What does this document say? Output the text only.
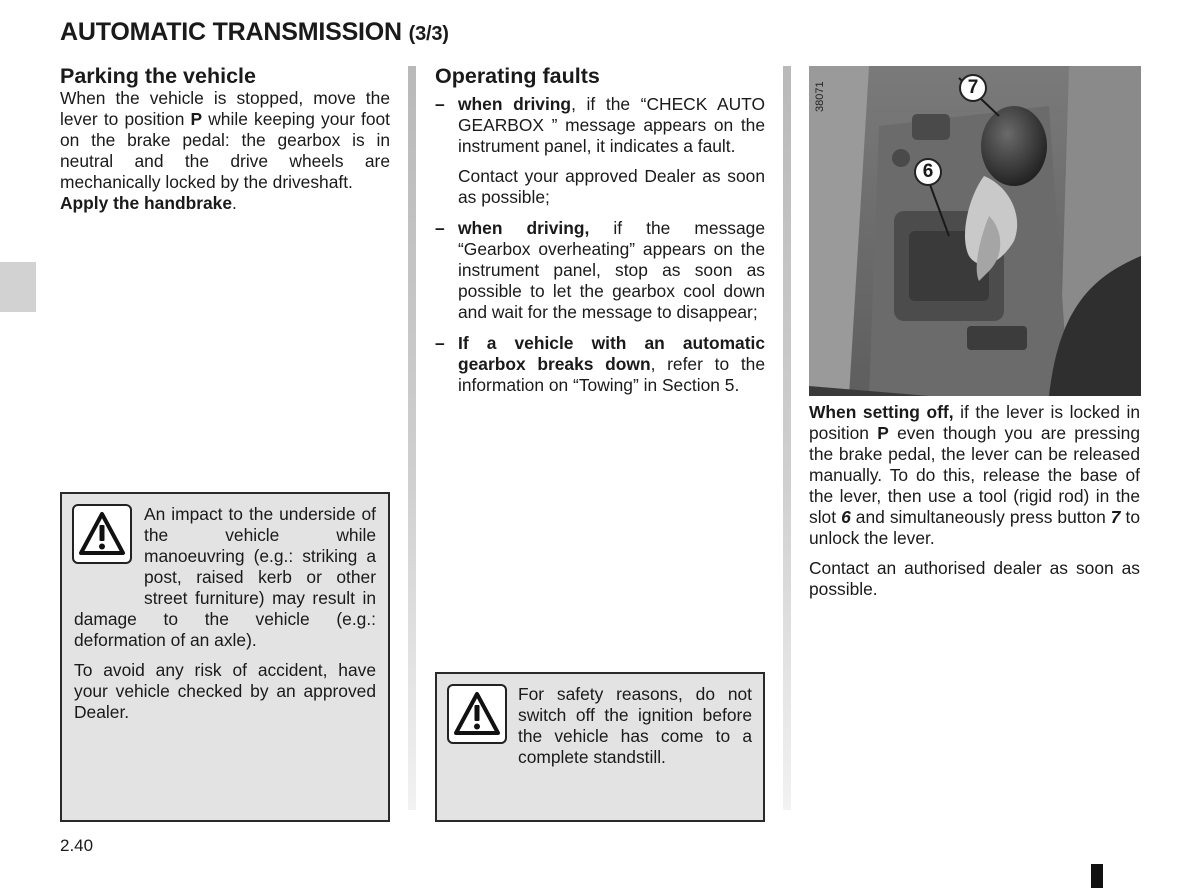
AUTOMATIC TRANSMISSION (3/3)
Parking the vehicle

When the vehicle is stopped, move the lever to position P while keeping your foot on the brake pedal: the gearbox is in neutral and the drive wheels are mechanically locked by the driveshaft.

Apply the handbrake.

An impact to the underside of the vehicle while manoeuvring (e.g.: striking a post, raised kerb or other street furniture) may result in damage to the vehicle (e.g.: deformation of an axle).

To avoid any risk of accident, have your vehicle checked by an approved Dealer.

Operating faults
– when driving, if the “CHECK AUTO GEARBOX ” message appears on the instrument panel, it indicates a fault.

Contact your approved Dealer as soon as possible;

– when driving, if the message “Gearbox overheating” appears on the instrument panel, stop as soon as possible to let the gearbox cool down and wait for the message to disappear;

– If a vehicle with an automatic gearbox breaks down, refer to the information on “Towing” in Section 5.

For safety reasons, do not switch off the ignition before the vehicle has come to a complete standstill.

38071	7
6

When setting off, if the lever is locked in position P even though you are pressing the brake pedal, the lever can be released manually. To do this, release the base of the lever, then use a tool (rigid rod) in the slot 6 and simultaneously press button 7 to unlock the lever.

Contact an authorised dealer as soon as possible.

2.40
